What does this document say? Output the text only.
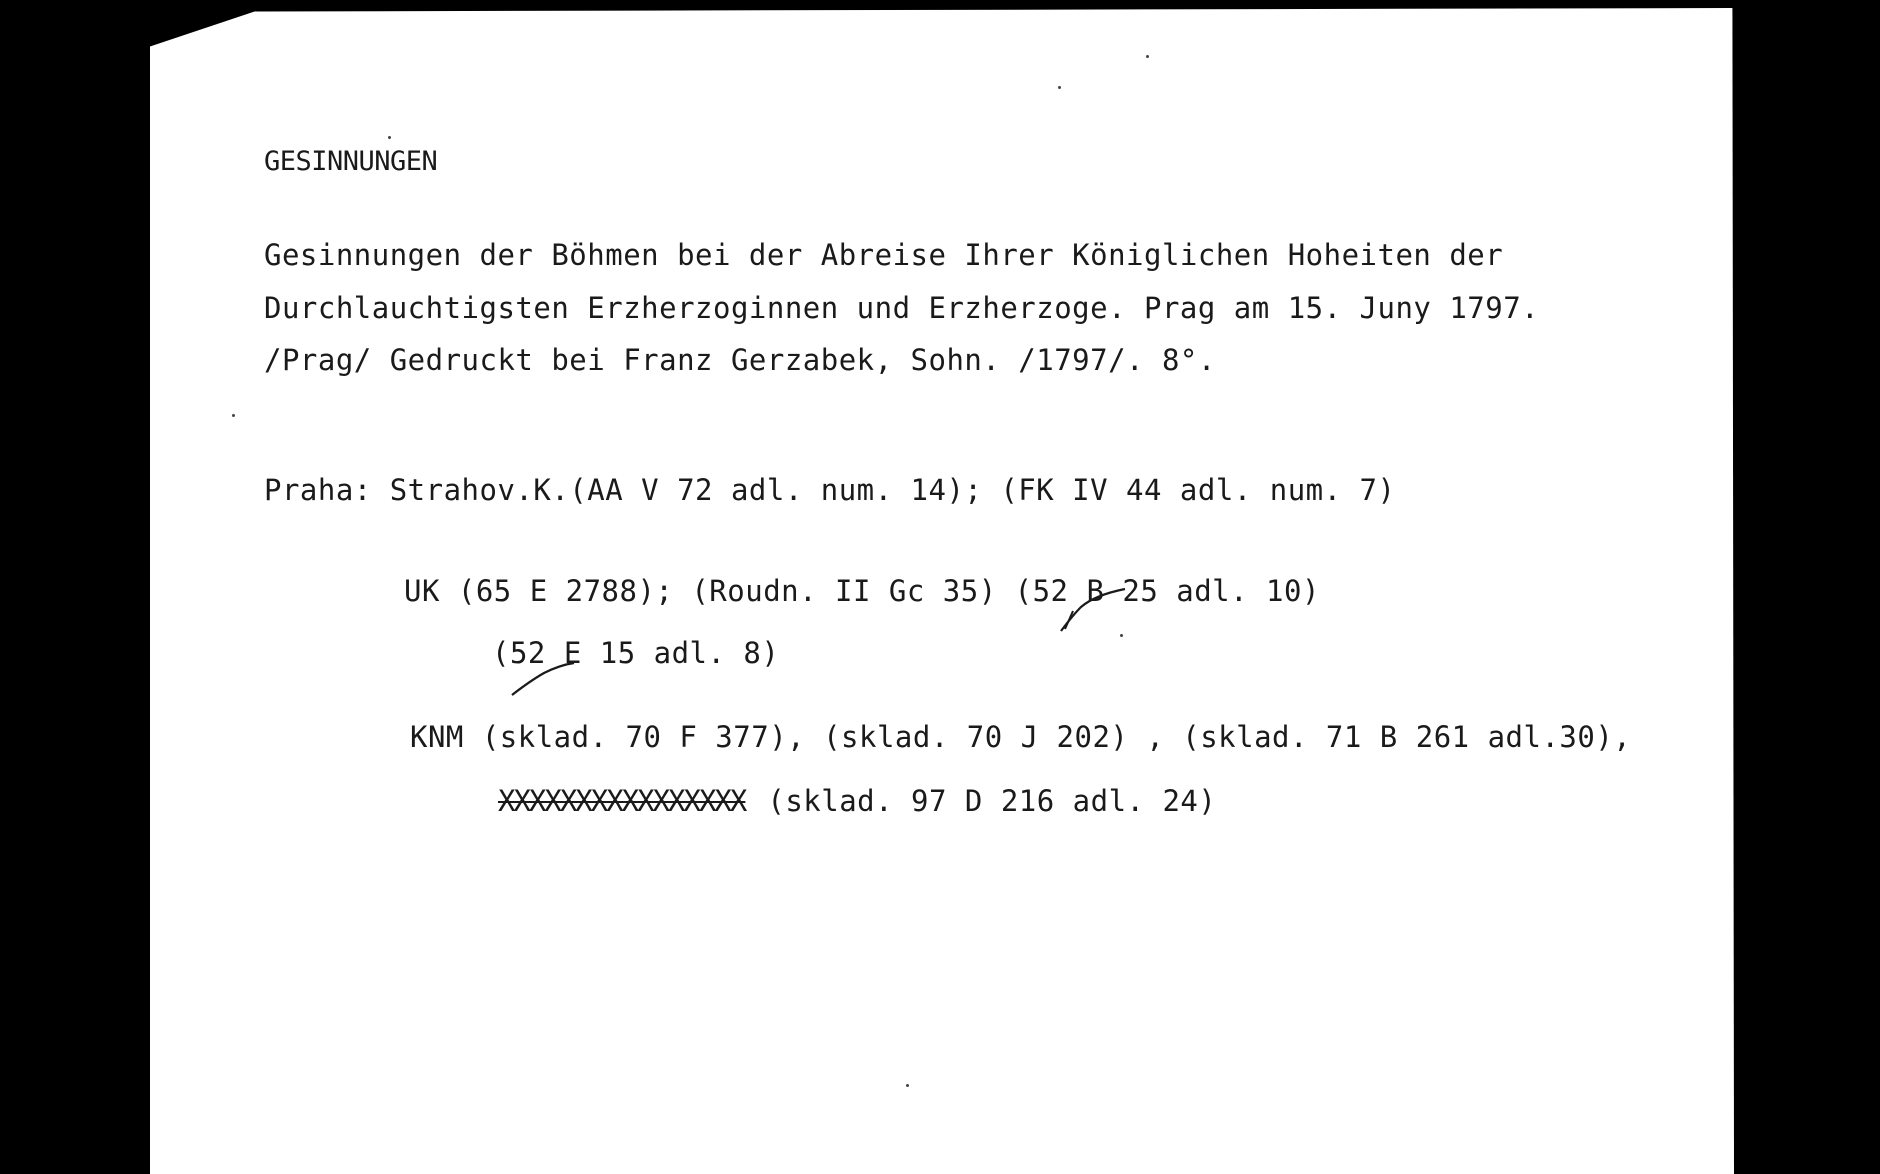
GESINNUNGEN
Gesinnungen der Böhmen bei der Abreise Ihrer Königlichen Hoheiten der
Durchlauchtigsten Erzherzoginnen und Erzherzoge. Prag am 15. Juny 1797.
/Prag/ Gedruckt bei Franz Gerzabek, Sohn. /1797/. 8°.
Praha: Strahov.K.(AA V 72 adl. num. 14); (FK IV 44 adl. num. 7)
UK (65 E 2788); (Roudn. II Gc 35) (52 B 25 adl. 10)
(52 E 15 adl. 8)
KNM (sklad. 70 F 377), (sklad. 70 J 202) , (sklad. 71 B 261 adl.30),
XXXXXXXXXXXXXXXX (sklad. 97 D 216 adl. 24)
